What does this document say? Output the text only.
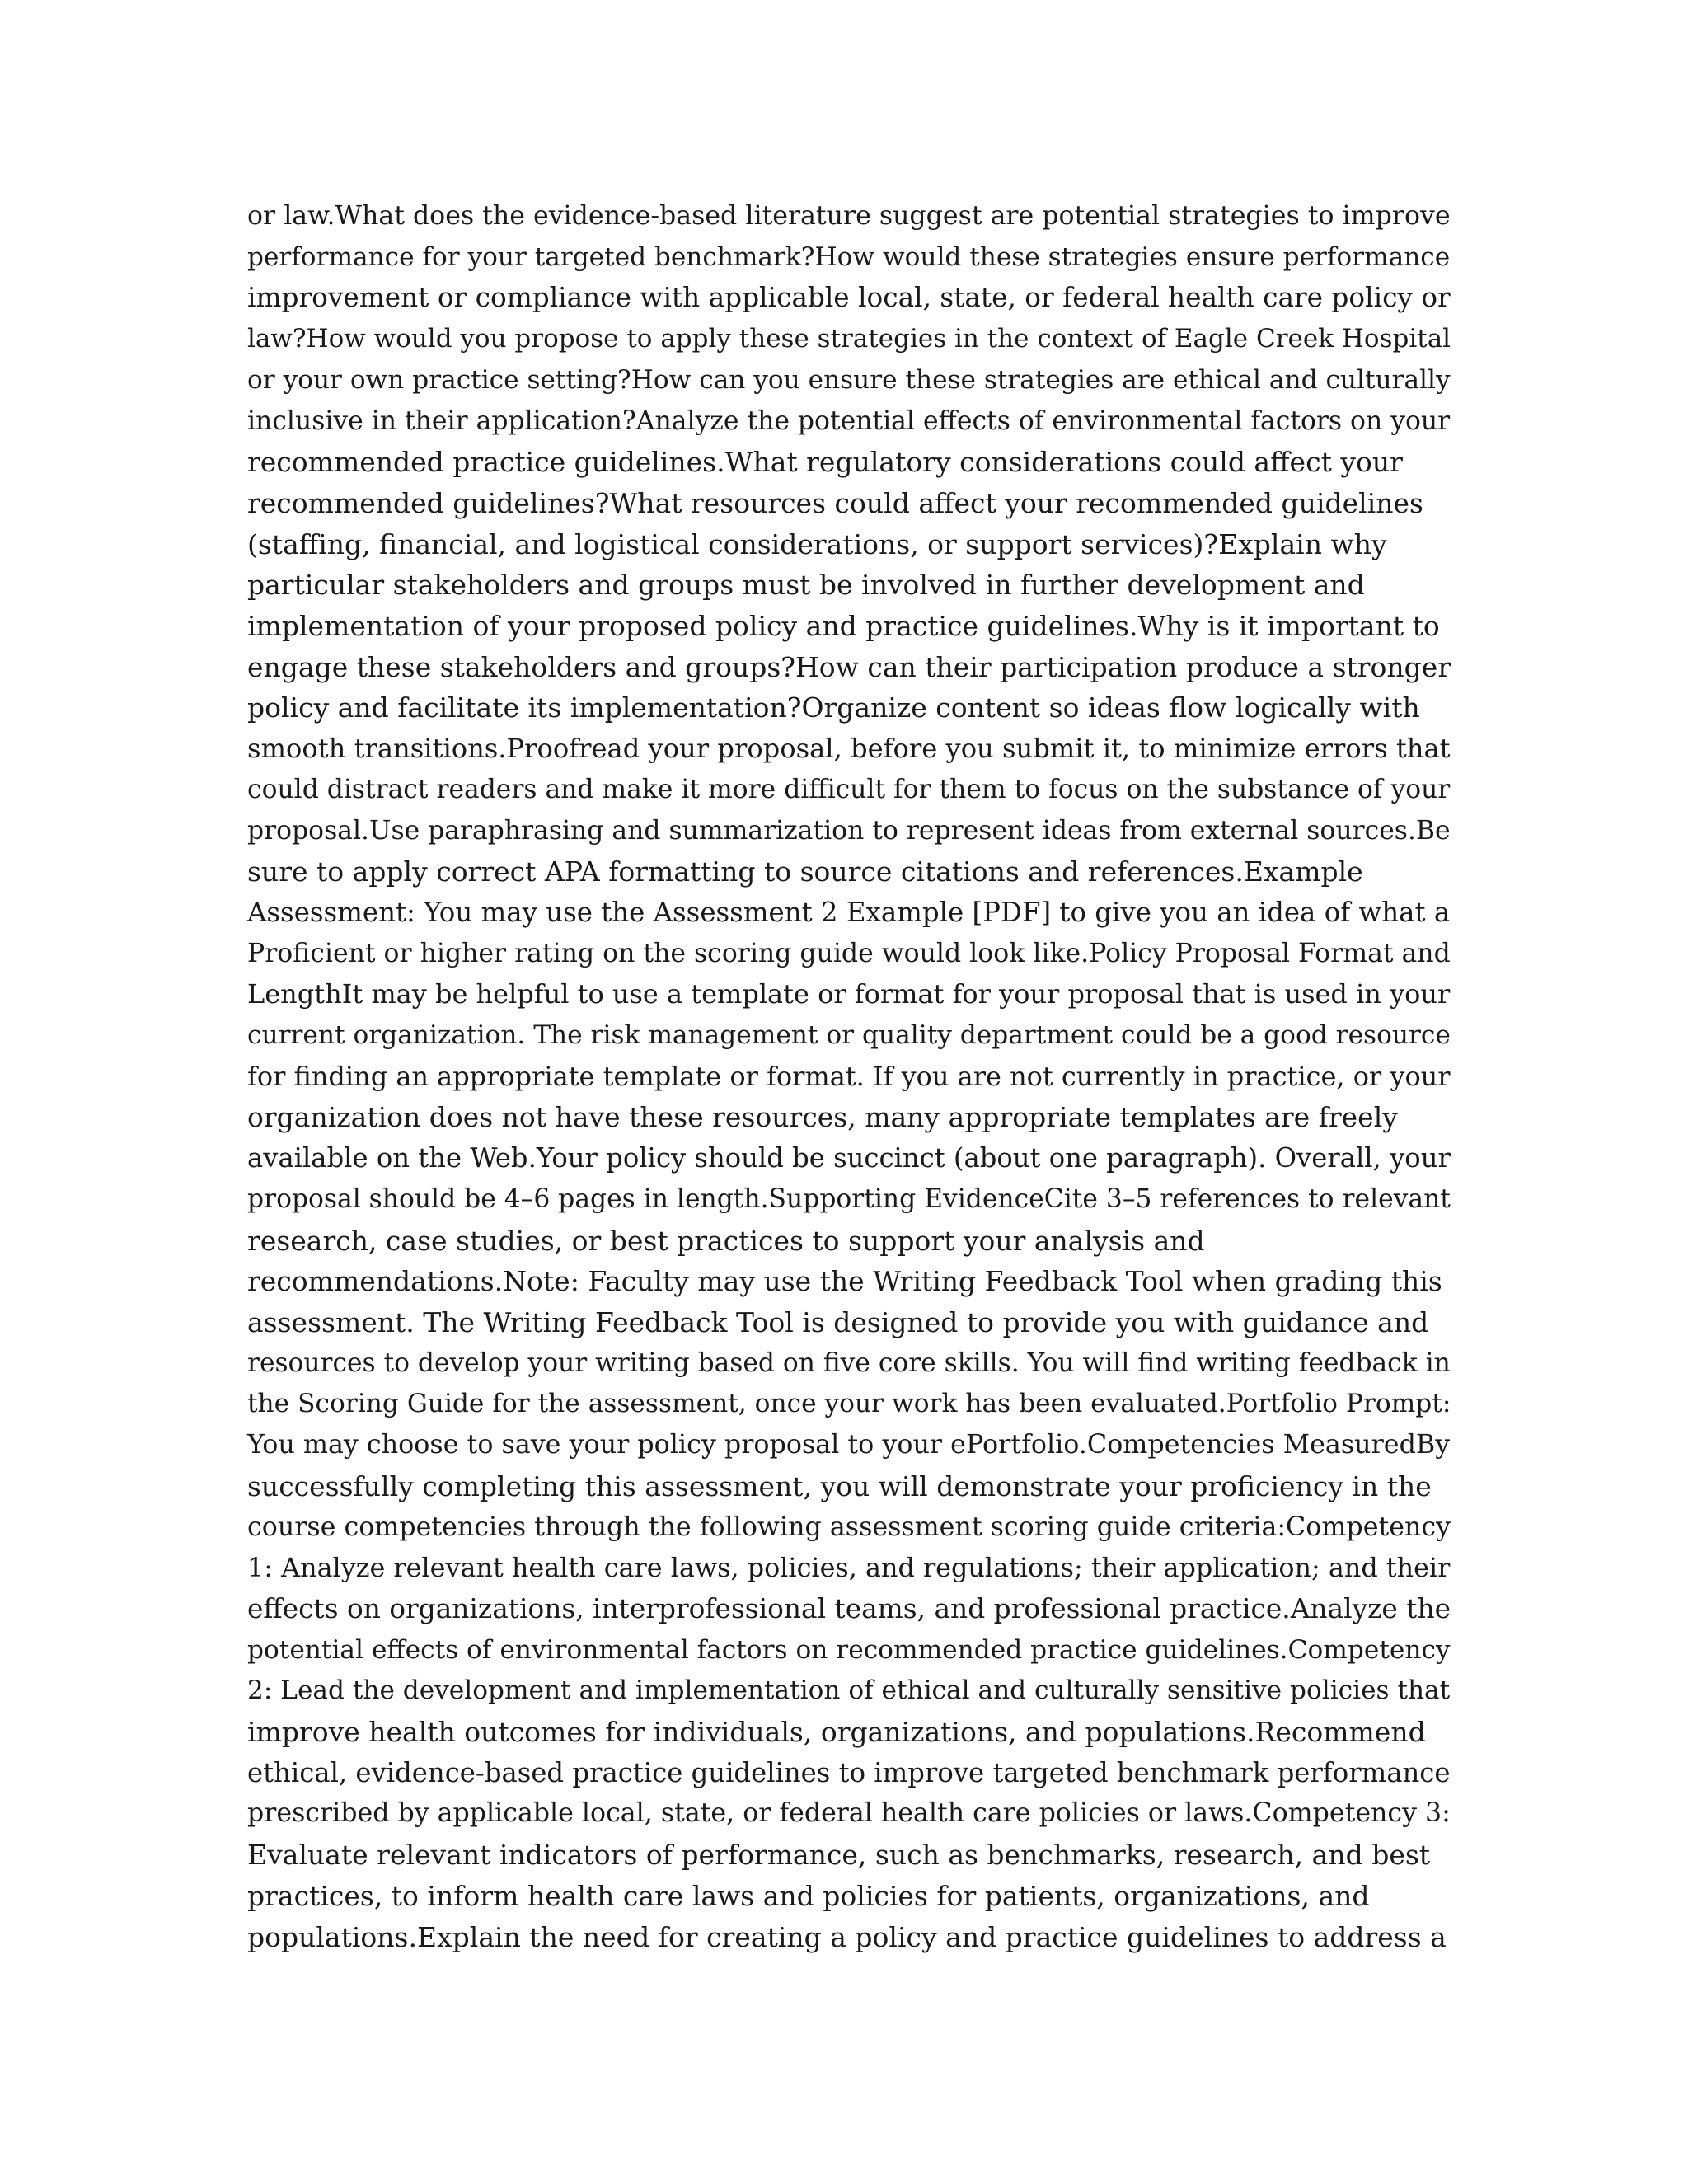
or law.What does the evidence-based literature suggest are potential strategies to improve
performance for your targeted benchmark?How would these strategies ensure performance
improvement or compliance with applicable local, state, or federal health care policy or
law?How would you propose to apply these strategies in the context of Eagle Creek Hospital
or your own practice setting?How can you ensure these strategies are ethical and culturally
inclusive in their application?Analyze the potential effects of environmental factors on your
recommended practice guidelines.What regulatory considerations could affect your
recommended guidelines?What resources could affect your recommended guidelines
(staffing, financial, and logistical considerations, or support services)?Explain why
particular stakeholders and groups must be involved in further development and
implementation of your proposed policy and practice guidelines.Why is it important to
engage these stakeholders and groups?How can their participation produce a stronger
policy and facilitate its implementation?Organize content so ideas flow logically with
smooth transitions.Proofread your proposal, before you submit it, to minimize errors that
could distract readers and make it more difficult for them to focus on the substance of your
proposal.Use paraphrasing and summarization to represent ideas from external sources.Be
sure to apply correct APA formatting to source citations and references.Example
Assessment: You may use the Assessment 2 Example [PDF] to give you an idea of what a
Proficient or higher rating on the scoring guide would look like.Policy Proposal Format and
LengthIt may be helpful to use a template or format for your proposal that is used in your
current organization. The risk management or quality department could be a good resource
for finding an appropriate template or format. If you are not currently in practice, or your
organization does not have these resources, many appropriate templates are freely
available on the Web.Your policy should be succinct (about one paragraph). Overall, your
proposal should be 4–6 pages in length.Supporting EvidenceCite 3–5 references to relevant
research, case studies, or best practices to support your analysis and
recommendations.Note: Faculty may use the Writing Feedback Tool when grading this
assessment. The Writing Feedback Tool is designed to provide you with guidance and
resources to develop your writing based on five core skills. You will find writing feedback in
the Scoring Guide for the assessment, once your work has been evaluated.Portfolio Prompt:
You may choose to save your policy proposal to your ePortfolio.Competencies MeasuredBy
successfully completing this assessment, you will demonstrate your proficiency in the
course competencies through the following assessment scoring guide criteria:Competency
1: Analyze relevant health care laws, policies, and regulations; their application; and their
effects on organizations, interprofessional teams, and professional practice.Analyze the
potential effects of environmental factors on recommended practice guidelines.Competency
2: Lead the development and implementation of ethical and culturally sensitive policies that
improve health outcomes for individuals, organizations, and populations.Recommend
ethical, evidence-based practice guidelines to improve targeted benchmark performance
prescribed by applicable local, state, or federal health care policies or laws.Competency 3:
Evaluate relevant indicators of performance, such as benchmarks, research, and best
practices, to inform health care laws and policies for patients, organizations, and
populations.Explain the need for creating a policy and practice guidelines to address a
